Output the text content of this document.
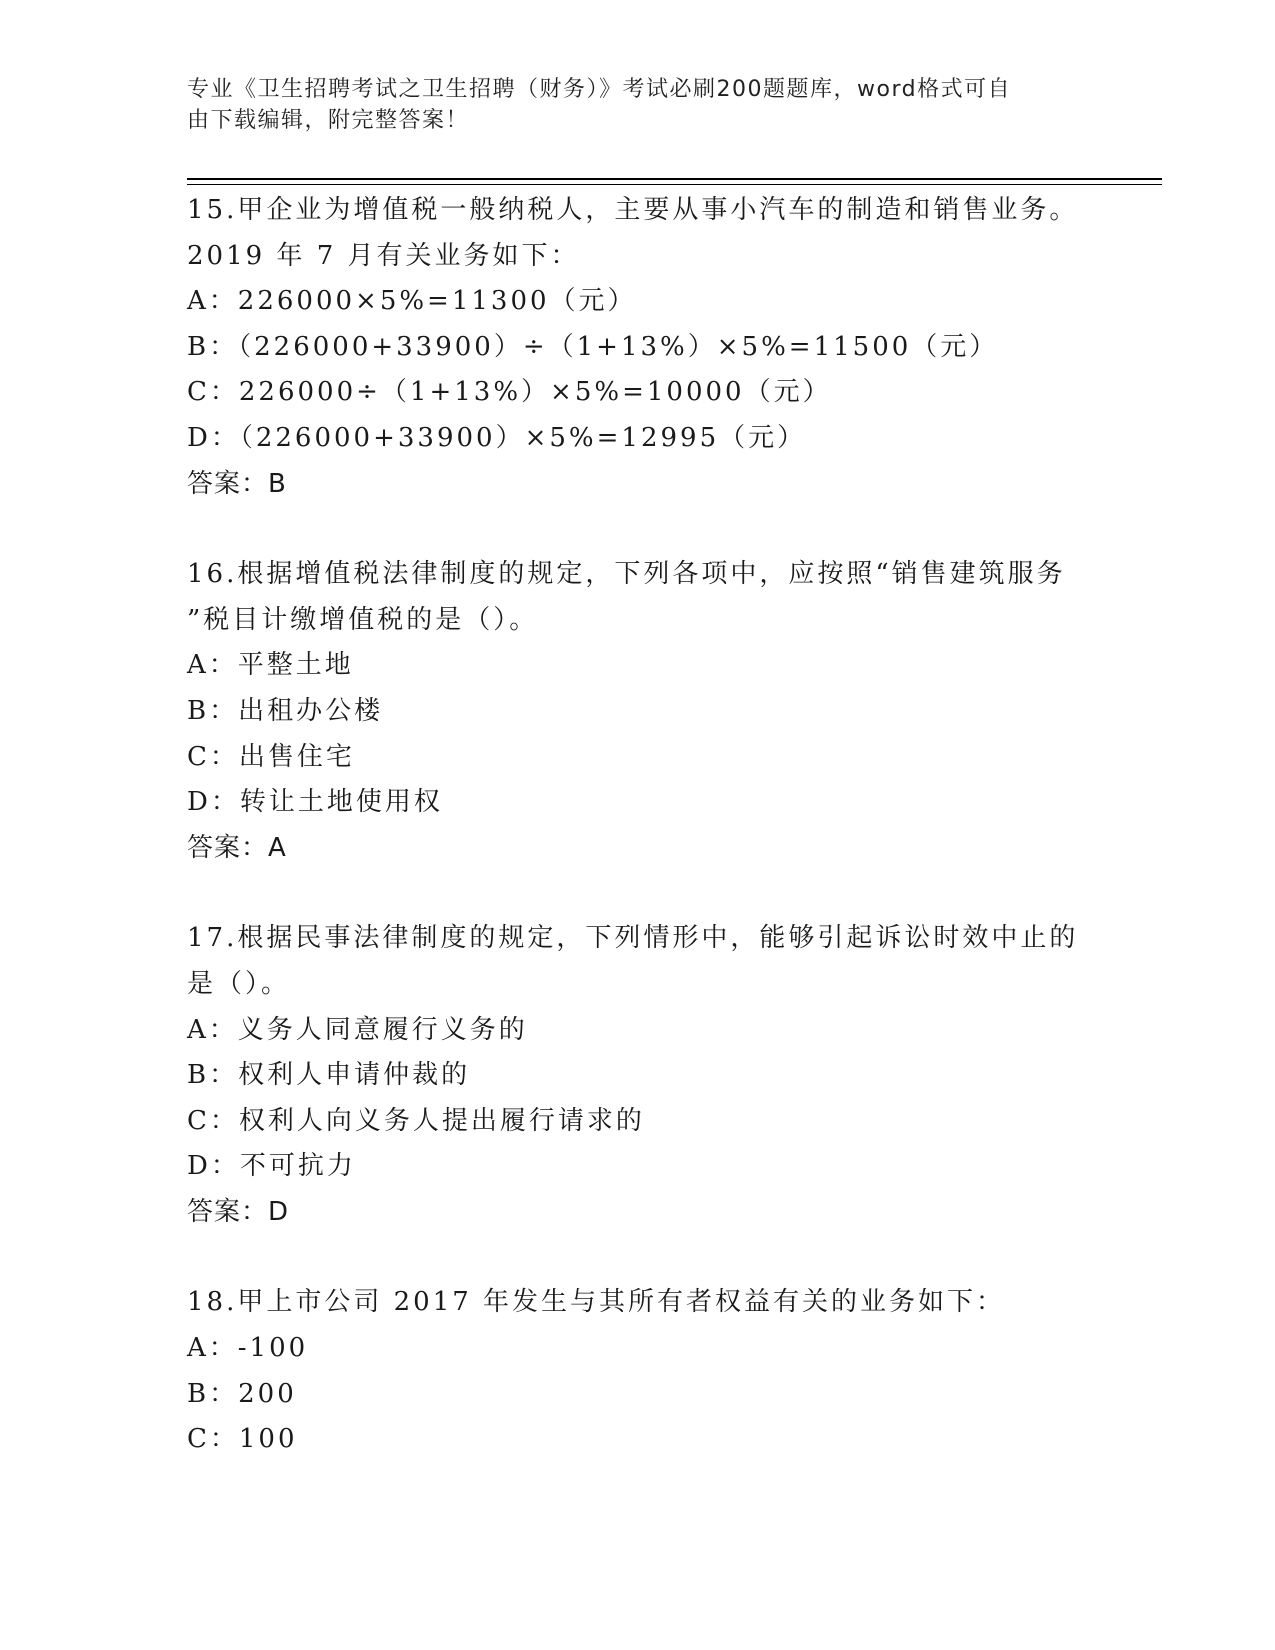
专业《卫生招聘考试之卫生招聘（财务）》考试必刷200题题库，word格式可自
由下载编辑，附完整答案！
15.甲企业为增值税一般纳税人，主要从事小汽车的制造和销售业务。
2019 年 7 月有关业务如下：
A：226000×5%=11300（元）
B：（226000+33900）÷（1+13%）×5%=11500（元）
C：226000÷（1+13%）×5%=10000（元）
D：（226000+33900）×5%=12995（元）
答案：B
16.根据增值税法律制度的规定，下列各项中，应按照“销售建筑服务
”税目计缴增值税的是（）。
A：平整土地
B：出租办公楼
C：出售住宅
D：转让土地使用权
答案：A
17.根据民事法律制度的规定，下列情形中，能够引起诉讼时效中止的
是（）。
A：义务人同意履行义务的
B：权利人申请仲裁的
C：权利人向义务人提出履行请求的
D：不可抗力
答案：D
18.甲上市公司 2017 年发生与其所有者权益有关的业务如下：
A：-100
B：200
C：100
